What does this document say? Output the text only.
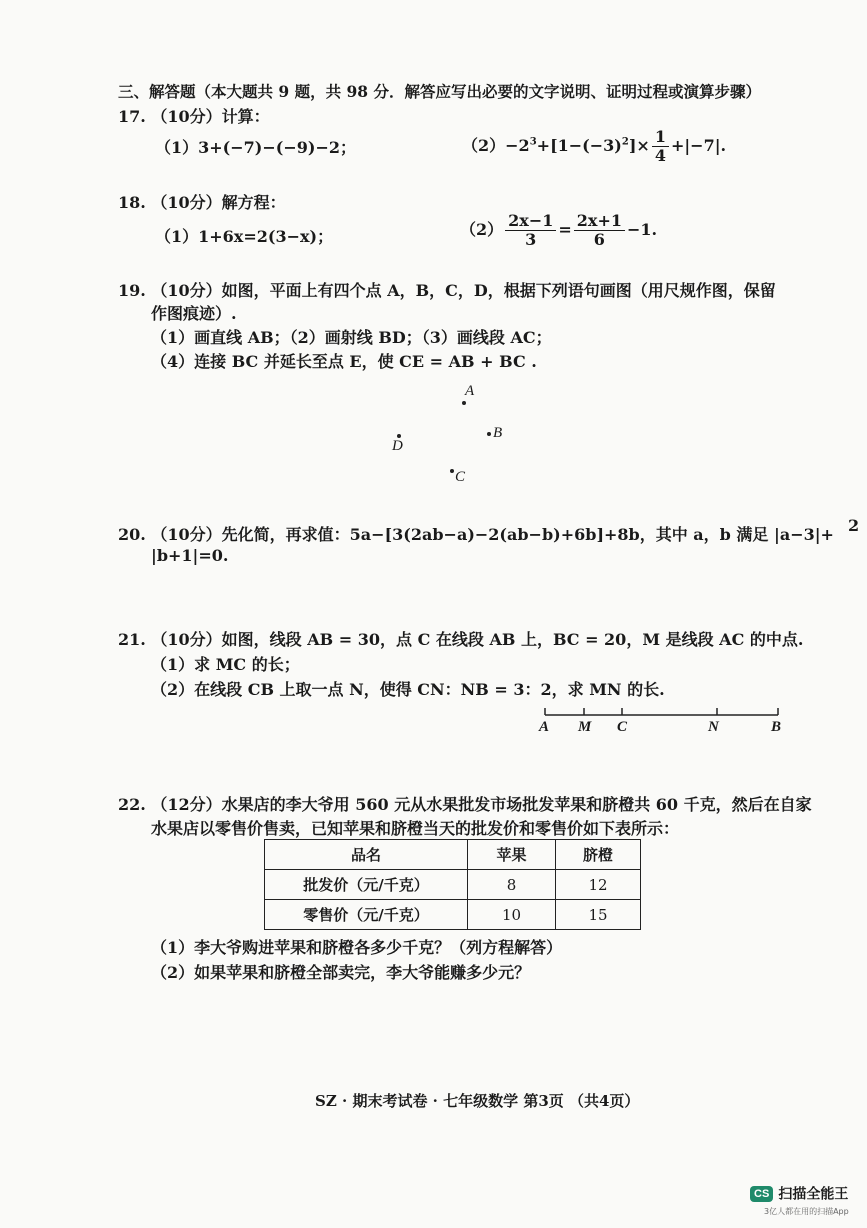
三、解答题（本大题共 9 题，共 98 分．解答应写出必要的文字说明、证明过程或演算步骤）
17. （10分）计算：
（1）3+(−7)−(−9)−2；	$(2)-2^3+[1-(-3)^2]\times \frac{1}{4} +|-7|$.
18. （10分）解方程：
（1）1+6x=2(3−x)；	$(2) \frac{2x-1}{3} = \frac{2x+1}{6} -1$.
19. （10分）如图，平面上有四个点 A，B，C，D，根据下列语句画图（用尺规作图，保留
作图痕迹）.
（1）画直线 AB；（2）画射线 BD；（3）画线段 AC；
（4）连接 BC 并延长至点 E，使 CE = AB + BC .
A
B
D
C
20. （10分）先化简，再求值：5a−[3(2ab−a)−2(ab−b)+6b]+8b，其中 a，b 满足 |a−3|+
|b+1|=0.
2
21. （10分）如图，线段 AB = 30，点 C 在线段 AB 上，BC = 20，M 是线段 AC 的中点.
（1）求 MC 的长；
（2）在线段 CB 上取一点 N，使得 CN：NB = 3：2，求 MN 的长.
A M C	N	B
22. （12分）水果店的李大爷用 560 元从水果批发市场批发苹果和脐橙共 60 千克，然后在自家
水果店以零售价售卖，已知苹果和脐橙当天的批发价和零售价如下表所示：
品名	苹果	脐橙
批发价（元/千克）	8	12
零售价（元/千克）	10	15
（1）李大爷购进苹果和脐橙各多少千克？（列方程解答）
（2）如果苹果和脐橙全部卖完，李大爷能赚多少元？
SZ · 期末考试卷 · 七年级数学 第3页 （共4页）
CS 扫描全能王
3亿人都在用的扫描App
